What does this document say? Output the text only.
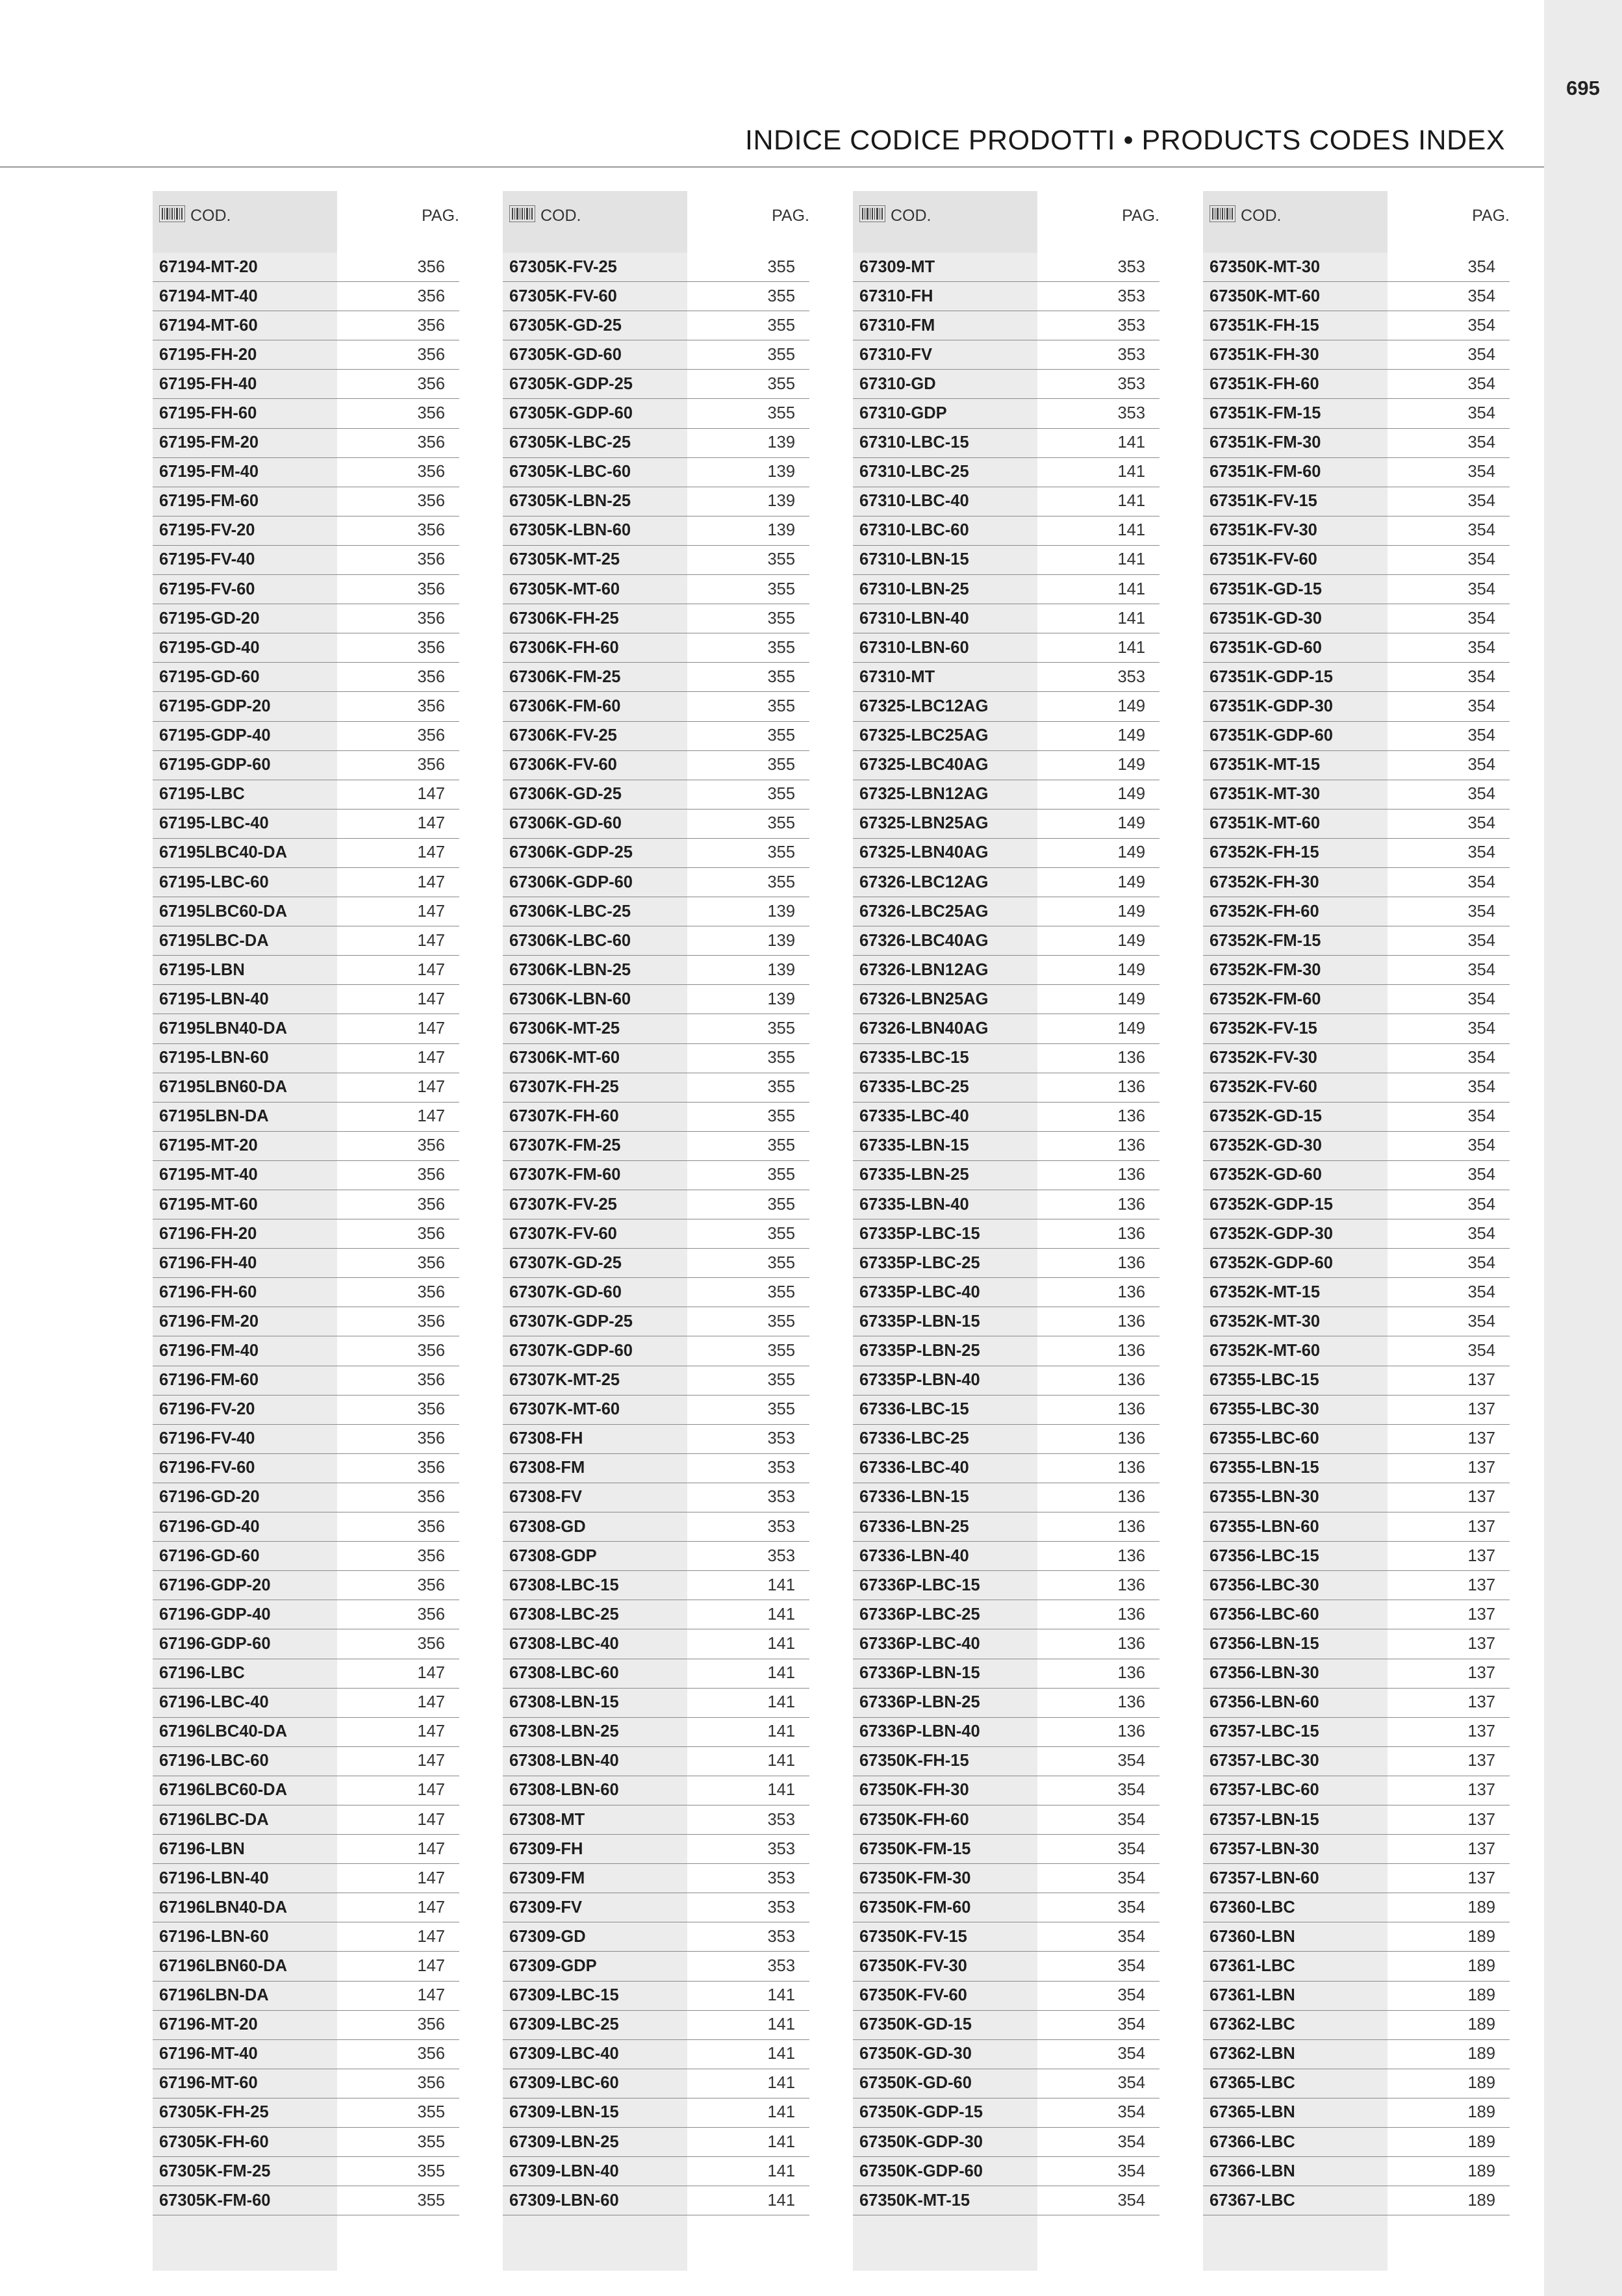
695
INDICE CODICE PRODOTTI • PRODUCTS CODES INDEX
COD.	PAG.
67194-MT-20	356
67194-MT-40	356
67194-MT-60	356
67195-FH-20	356
67195-FH-40	356
67195-FH-60	356
67195-FM-20	356
67195-FM-40	356
67195-FM-60	356
67195-FV-20	356
67195-FV-40	356
67195-FV-60	356
67195-GD-20	356
67195-GD-40	356
67195-GD-60	356
67195-GDP-20	356
67195-GDP-40	356
67195-GDP-60	356
67195-LBC	147
67195-LBC-40	147
67195LBC40-DA	147
67195-LBC-60	147
67195LBC60-DA	147
67195LBC-DA	147
67195-LBN	147
67195-LBN-40	147
67195LBN40-DA	147
67195-LBN-60	147
67195LBN60-DA	147
67195LBN-DA	147
67195-MT-20	356
67195-MT-40	356
67195-MT-60	356
67196-FH-20	356
67196-FH-40	356
67196-FH-60	356
67196-FM-20	356
67196-FM-40	356
67196-FM-60	356
67196-FV-20	356
67196-FV-40	356
67196-FV-60	356
67196-GD-20	356
67196-GD-40	356
67196-GD-60	356
67196-GDP-20	356
67196-GDP-40	356
67196-GDP-60	356
67196-LBC	147
67196-LBC-40	147
67196LBC40-DA	147
67196-LBC-60	147
67196LBC60-DA	147
67196LBC-DA	147
67196-LBN	147
67196-LBN-40	147
67196LBN40-DA	147
67196-LBN-60	147
67196LBN60-DA	147
67196LBN-DA	147
67196-MT-20	356
67196-MT-40	356
67196-MT-60	356
67305K-FH-25	355
67305K-FH-60	355
67305K-FM-25	355
67305K-FM-60	355
COD.	PAG.
67305K-FV-25	355
67305K-FV-60	355
67305K-GD-25	355
67305K-GD-60	355
67305K-GDP-25	355
67305K-GDP-60	355
67305K-LBC-25	139
67305K-LBC-60	139
67305K-LBN-25	139
67305K-LBN-60	139
67305K-MT-25	355
67305K-MT-60	355
67306K-FH-25	355
67306K-FH-60	355
67306K-FM-25	355
67306K-FM-60	355
67306K-FV-25	355
67306K-FV-60	355
67306K-GD-25	355
67306K-GD-60	355
67306K-GDP-25	355
67306K-GDP-60	355
67306K-LBC-25	139
67306K-LBC-60	139
67306K-LBN-25	139
67306K-LBN-60	139
67306K-MT-25	355
67306K-MT-60	355
67307K-FH-25	355
67307K-FH-60	355
67307K-FM-25	355
67307K-FM-60	355
67307K-FV-25	355
67307K-FV-60	355
67307K-GD-25	355
67307K-GD-60	355
67307K-GDP-25	355
67307K-GDP-60	355
67307K-MT-25	355
67307K-MT-60	355
67308-FH	353
67308-FM	353
67308-FV	353
67308-GD	353
67308-GDP	353
67308-LBC-15	141
67308-LBC-25	141
67308-LBC-40	141
67308-LBC-60	141
67308-LBN-15	141
67308-LBN-25	141
67308-LBN-40	141
67308-LBN-60	141
67308-MT	353
67309-FH	353
67309-FM	353
67309-FV	353
67309-GD	353
67309-GDP	353
67309-LBC-15	141
67309-LBC-25	141
67309-LBC-40	141
67309-LBC-60	141
67309-LBN-15	141
67309-LBN-25	141
67309-LBN-40	141
67309-LBN-60	141
COD.	PAG.
67309-MT	353
67310-FH	353
67310-FM	353
67310-FV	353
67310-GD	353
67310-GDP	353
67310-LBC-15	141
67310-LBC-25	141
67310-LBC-40	141
67310-LBC-60	141
67310-LBN-15	141
67310-LBN-25	141
67310-LBN-40	141
67310-LBN-60	141
67310-MT	353
67325-LBC12AG	149
67325-LBC25AG	149
67325-LBC40AG	149
67325-LBN12AG	149
67325-LBN25AG	149
67325-LBN40AG	149
67326-LBC12AG	149
67326-LBC25AG	149
67326-LBC40AG	149
67326-LBN12AG	149
67326-LBN25AG	149
67326-LBN40AG	149
67335-LBC-15	136
67335-LBC-25	136
67335-LBC-40	136
67335-LBN-15	136
67335-LBN-25	136
67335-LBN-40	136
67335P-LBC-15	136
67335P-LBC-25	136
67335P-LBC-40	136
67335P-LBN-15	136
67335P-LBN-25	136
67335P-LBN-40	136
67336-LBC-15	136
67336-LBC-25	136
67336-LBC-40	136
67336-LBN-15	136
67336-LBN-25	136
67336-LBN-40	136
67336P-LBC-15	136
67336P-LBC-25	136
67336P-LBC-40	136
67336P-LBN-15	136
67336P-LBN-25	136
67336P-LBN-40	136
67350K-FH-15	354
67350K-FH-30	354
67350K-FH-60	354
67350K-FM-15	354
67350K-FM-30	354
67350K-FM-60	354
67350K-FV-15	354
67350K-FV-30	354
67350K-FV-60	354
67350K-GD-15	354
67350K-GD-30	354
67350K-GD-60	354
67350K-GDP-15	354
67350K-GDP-30	354
67350K-GDP-60	354
67350K-MT-15	354
COD.	PAG.
67350K-MT-30	354
67350K-MT-60	354
67351K-FH-15	354
67351K-FH-30	354
67351K-FH-60	354
67351K-FM-15	354
67351K-FM-30	354
67351K-FM-60	354
67351K-FV-15	354
67351K-FV-30	354
67351K-FV-60	354
67351K-GD-15	354
67351K-GD-30	354
67351K-GD-60	354
67351K-GDP-15	354
67351K-GDP-30	354
67351K-GDP-60	354
67351K-MT-15	354
67351K-MT-30	354
67351K-MT-60	354
67352K-FH-15	354
67352K-FH-30	354
67352K-FH-60	354
67352K-FM-15	354
67352K-FM-30	354
67352K-FM-60	354
67352K-FV-15	354
67352K-FV-30	354
67352K-FV-60	354
67352K-GD-15	354
67352K-GD-30	354
67352K-GD-60	354
67352K-GDP-15	354
67352K-GDP-30	354
67352K-GDP-60	354
67352K-MT-15	354
67352K-MT-30	354
67352K-MT-60	354
67355-LBC-15	137
67355-LBC-30	137
67355-LBC-60	137
67355-LBN-15	137
67355-LBN-30	137
67355-LBN-60	137
67356-LBC-15	137
67356-LBC-30	137
67356-LBC-60	137
67356-LBN-15	137
67356-LBN-30	137
67356-LBN-60	137
67357-LBC-15	137
67357-LBC-30	137
67357-LBC-60	137
67357-LBN-15	137
67357-LBN-30	137
67357-LBN-60	137
67360-LBC	189
67360-LBN	189
67361-LBC	189
67361-LBN	189
67362-LBC	189
67362-LBN	189
67365-LBC	189
67365-LBN	189
67366-LBC	189
67366-LBN	189
67367-LBC	189
